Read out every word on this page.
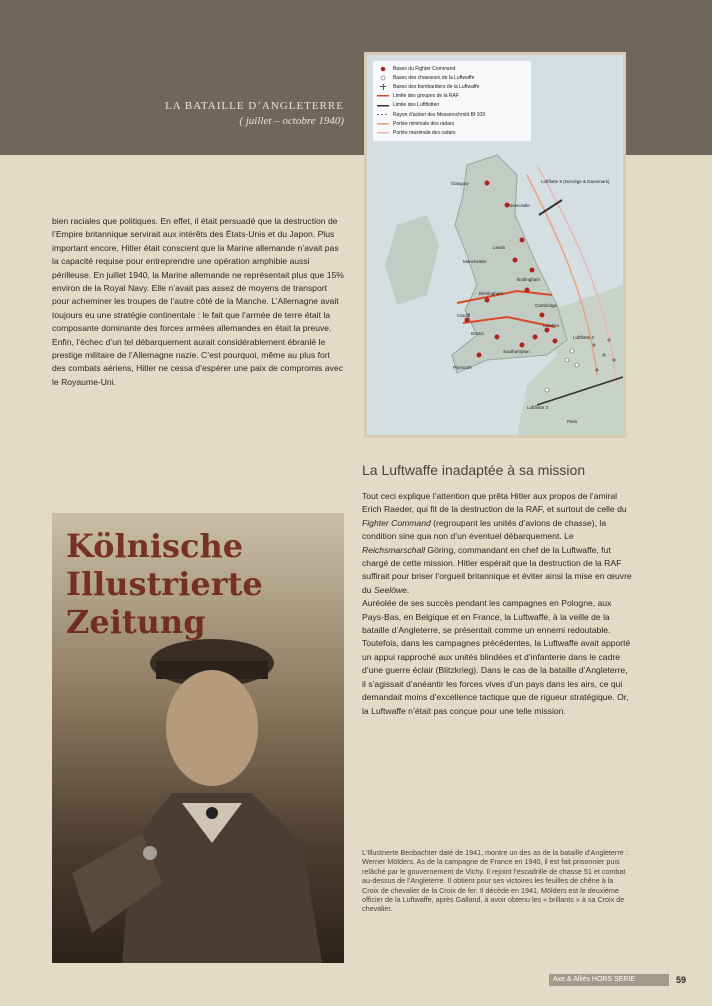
LA BATAILLE D’ANGLETERRE
( juillet – octobre 1940)
Bases du Fighter Command
Bases des chasseurs de la Luftwaffe
Bases des bombardiers de la Luftwaffe
Limite des groupes de la RAF
Limite des Luftflotten
Rayon d’action des Messerschmitt Bf 109
Portée minimale des radars
Portée maximale des radars
Luftflotte 5 (Norvège & Danemark)
Glasgow
Newcastle
Leeds
Manchester
Nottingham
Birmingham
Cambridge
Londres
Cardiff
Bristol
Southampton
Plymouth
Paris
Luftflotte 2
Luftflotte 3
bien raciales que politiques. En effet, il était persuadé que la destruction de l’Empire britannique servirait aux intérêts des États-Unis et du Japon. Plus important encore, Hitler était conscient que la Marine allemande n’avait pas la capacité requise pour entreprendre une opération amphibie aussi périlleuse. En juillet 1940, la Marine allemande ne représentait plus que 15% environ de la Royal Navy. Elle n’avait pas assez de moyens de transport pour acheminer les troupes de l’autre côté de la Manche. L’Allemagne avait toujours eu une stratégie continentale : le fait que l’armée de terre était la composante dominante des forces armées allemandes en était la preuve. Enfin, l’échec d’un tel débarquement aurait considérablement ébranlé le prestige militaire de l’Allemagne nazie. C’est pourquoi, même au plus fort des combats aériens, Hitler ne cessa d’espérer une paix de compromis avec le Royaume-Uni.
La Luftwaffe inadaptée à sa mission

Tout ceci explique l’attention que prêta Hitler aux propos de l’amiral Erich Raeder, qui fit de la destruction de la RAF, et surtout de celle du Fighter Command (regroupant les unités d’avions de chasse), la condition sine qua non d’un éventuel débarquement. Le Reichsmarschall Göring, commandant en chef de la Luftwaffe, fut chargé de cette mission. Hitler espérait que la destruction de la RAF suffirait pour briser l’orgueil britannique et éviter ainsi la mise en œuvre du Seelöwe.

Auréolée de ses succès pendant les campagnes en Pologne, aux Pays-Bas, en Belgique et en France, la Luftwaffe, à la veille de la bataille d’Angleterre, se présentait comme un ennemi redoutable. Toutefois, dans les campagnes précédentes, la Luftwaffe avait apporté un appui rapproché aux unités blindées et d’infanterie dans le cadre d’une guerre éclair (Blitzkrieg). Dans le cas de la bataille d’Angleterre, il s’agissait d’anéantir les forces vives d’un pays dans les airs, ce qui demandait moins d’excellence tactique que de rigueur stratégique. Or, la Luftwaffe n’était pas conçue pour une telle mission.

Kölnische Illustrierte Zeitung
L’Illustrierte Beobachter daté de 1941, montre un des as de la bataille d’Angleterre : Werner Mölders. As de la campagne de France en 1940, il est fait prisonnier puis relâché par le gouvernement de Vichy. Il rejoint l’escadrille de chasse 51 et combat au-dessus de l’Angleterre. Il obtient pour ses victoires les feuilles de chêne à la Croix de chevalier de la Croix de fer. Il décède en 1941. Mölders est le deuxième officier de la Luftwaffe, après Galland, à avoir obtenu les « brillants » à sa Croix de chevalier.
Axe & Alliés HORS SERIE	59
